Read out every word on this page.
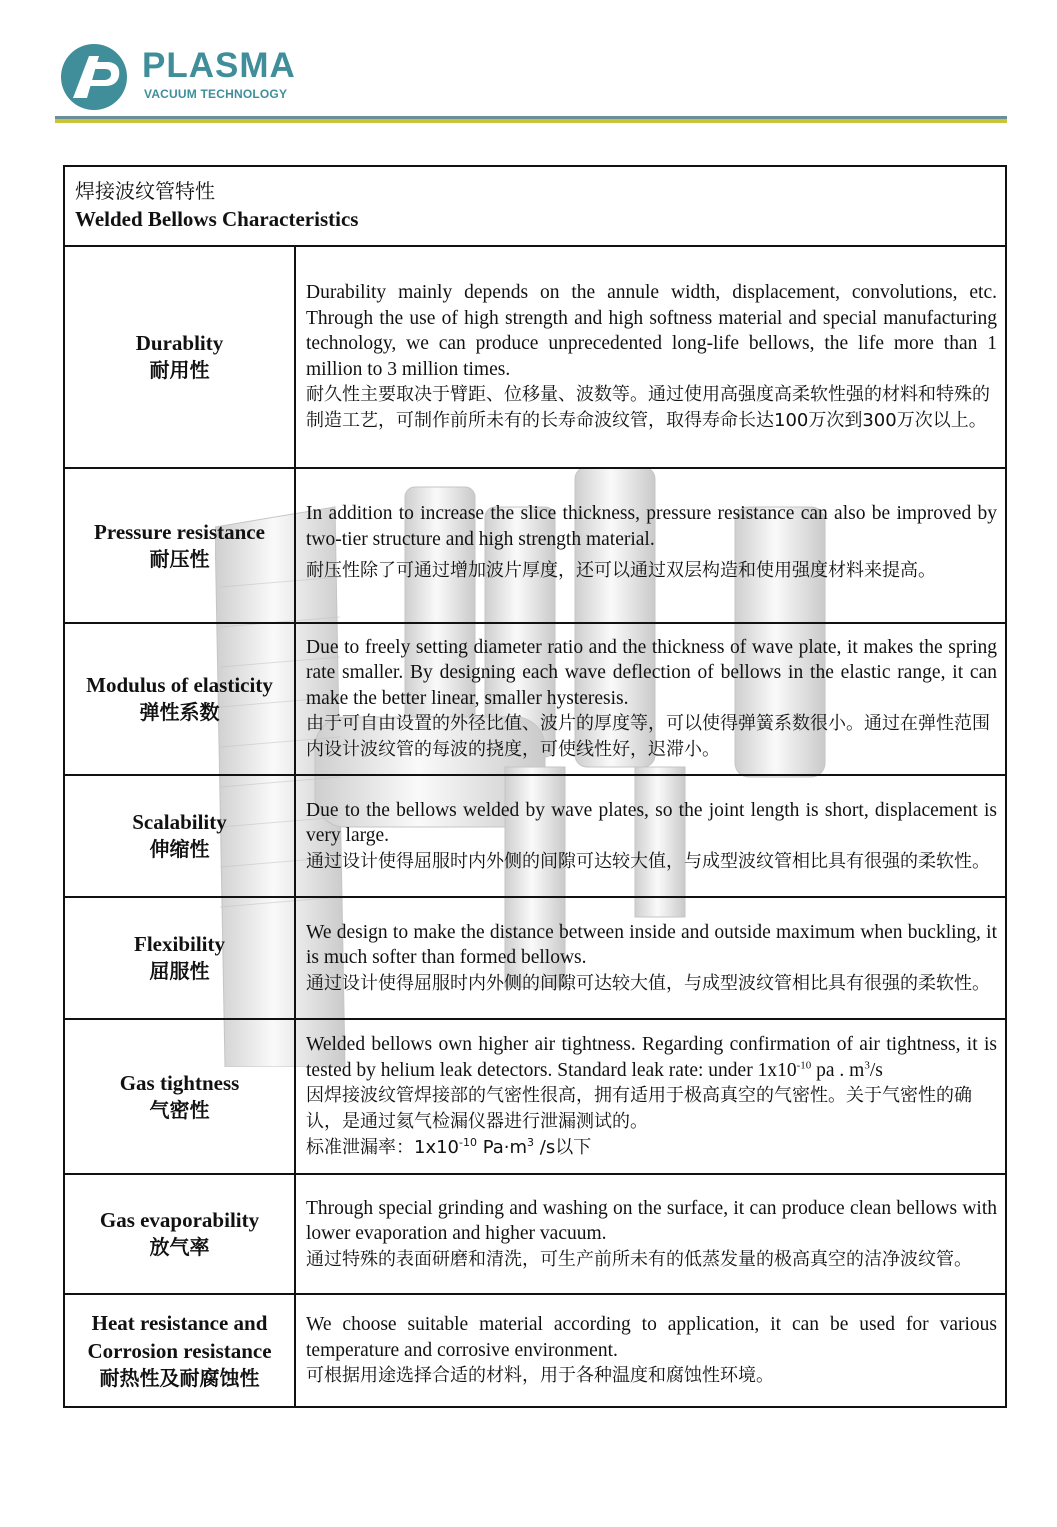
PLASMA
VACUUM TECHNOLOGY
焊接波纹管特性
Welded Bellows Characteristics
Durablity
耐用性
Durability mainly depends on the annule width, displacement, convolutions, etc. Through the use of high strength and high softness material and special manufacturing technology, we can produce unprecedented long-life bellows, the life more than 1 million to 3 million times.
耐久性主要取决于臂距、位移量、波数等。通过使用高强度高柔软性强的材料和特殊的制造工艺，可制作前所未有的长寿命波纹管，取得寿命长达100万次到300万次以上。
Pressure resistance
耐压性
In addition to increase the slice thickness, pressure resistance can also be improved by two-tier structure and high strength material.
耐压性除了可通过增加波片厚度，还可以通过双层构造和使用强度材料来提高。
Modulus of elasticity
弹性系数
Due to freely setting diameter ratio and the thickness of wave plate, it makes the spring rate smaller. By designing each wave deflection of bellows in the elastic range, it can make the better linear, smaller hysteresis.
由于可自由设置的外径比值、波片的厚度等，可以使得弹簧系数很小。通过在弹性范围内设计波纹管的每波的挠度，可使线性好，迟滞小。
Scalability
伸缩性
Due to the bellows welded by wave plates, so the joint length is short, displacement is very large.
通过设计使得屈服时内外侧的间隙可达较大值，与成型波纹管相比具有很强的柔软性。
Flexibility
屈服性
We design to make the distance between inside and outside maximum when buckling, it is much softer than formed bellows.
通过设计使得屈服时内外侧的间隙可达较大值，与成型波纹管相比具有很强的柔软性。
Gas tightness
气密性
Welded bellows own higher air tightness. Regarding confirmation of air tightness, it is tested by helium leak detectors. Standard leak rate: under $1x10^{-10}$ pa . $m^3/s$
因焊接波纹管焊接部的气密性很高，拥有适用于极高真空的气密性。关于气密性的确认，是通过氦气检漏仪器进行泄漏测试的。
标准泄漏率：$1x10^{-10}$ $Pa\cdot m^3$ /s以下
Gas evaporability
放气率
Through special grinding and washing on the surface, it can produce clean bellows with lower evaporation and higher vacuum.
通过特殊的表面研磨和清洗，可生产前所未有的低蒸发量的极高真空的洁净波纹管。
Heat resistance and Corrosion resistance
耐热性及耐腐蚀性
We choose suitable material according to application, it can be used for various temperature and corrosive environment.
可根据用途选择合适的材料，用于各种温度和腐蚀性环境。
